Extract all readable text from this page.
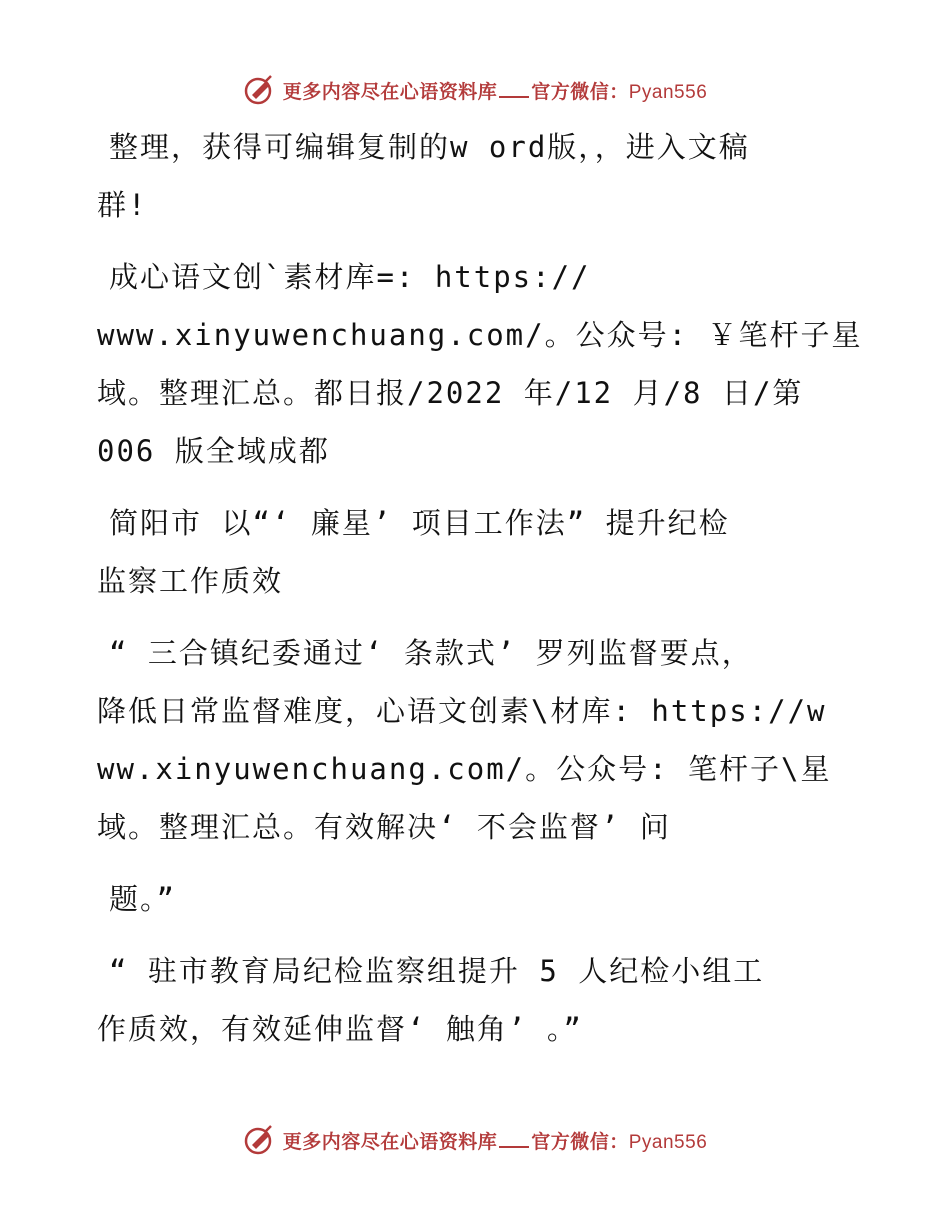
更多内容尽在心语资料库 官方微信：Pyan556

整理，获得可编辑复制的w ord版，，进入文稿
群!

成心语文创`素材库=: https://
www.xinyuwenchuang.com/。公众号: ￥笔杆子星
域。整理汇总。都日报/2022 年/12 月/8 日/第
006 版全域成都

简阳市 以“‘ 廉星’ 项目工作法” 提升纪检
监察工作质效

“ 三合镇纪委通过‘ 条款式’ 罗列监督要点，
降低日常监督难度，心语文创素\材库: https://w
ww.xinyuwenchuang.com/。公众号: 笔杆子\星
域。整理汇总。有效解决‘ 不会监督’ 问

题。”

“ 驻市教育局纪检监察组提升 5 人纪检小组工
作质效，有效延伸监督‘ 触角’ 。”

更多内容尽在心语资料库 官方微信：Pyan556
